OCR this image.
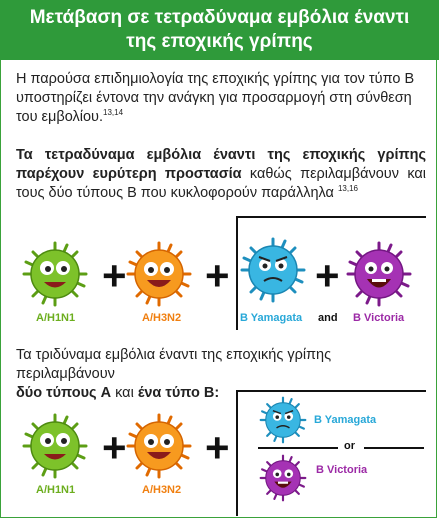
Μετάβαση σε τετραδύναμα εμβόλια έναντι
της εποχικής γρίπης
Η παρούσα επιδημιολογία της εποχικής γρίπης για τον τύπο B υποστηρίζει έντονα την ανάγκη για προσαρμογή στη σύνθεση του εμβολίου.$^{13,14}$
Τα τετραδύναμα εμβόλια έναντι της εποχικής γρίπης παρέχουν ευρύτερη προστασία καθώς περιλαμβάνουν και τους δύο τύπους B που κυκλοφορούν παράλληλα $^{13,16}$
A/H1N1
+
A/H3N2
+
B Yamagata
+
and B Victoria
Τα τριδύναμα εμβόλια έναντι της εποχικής γρίπης περιλαμβάνουν
δύο τύπους A και ένα τύπο B:
A/H1N1
+
A/H3N2
+
B Yamagata
or
B Victoria
